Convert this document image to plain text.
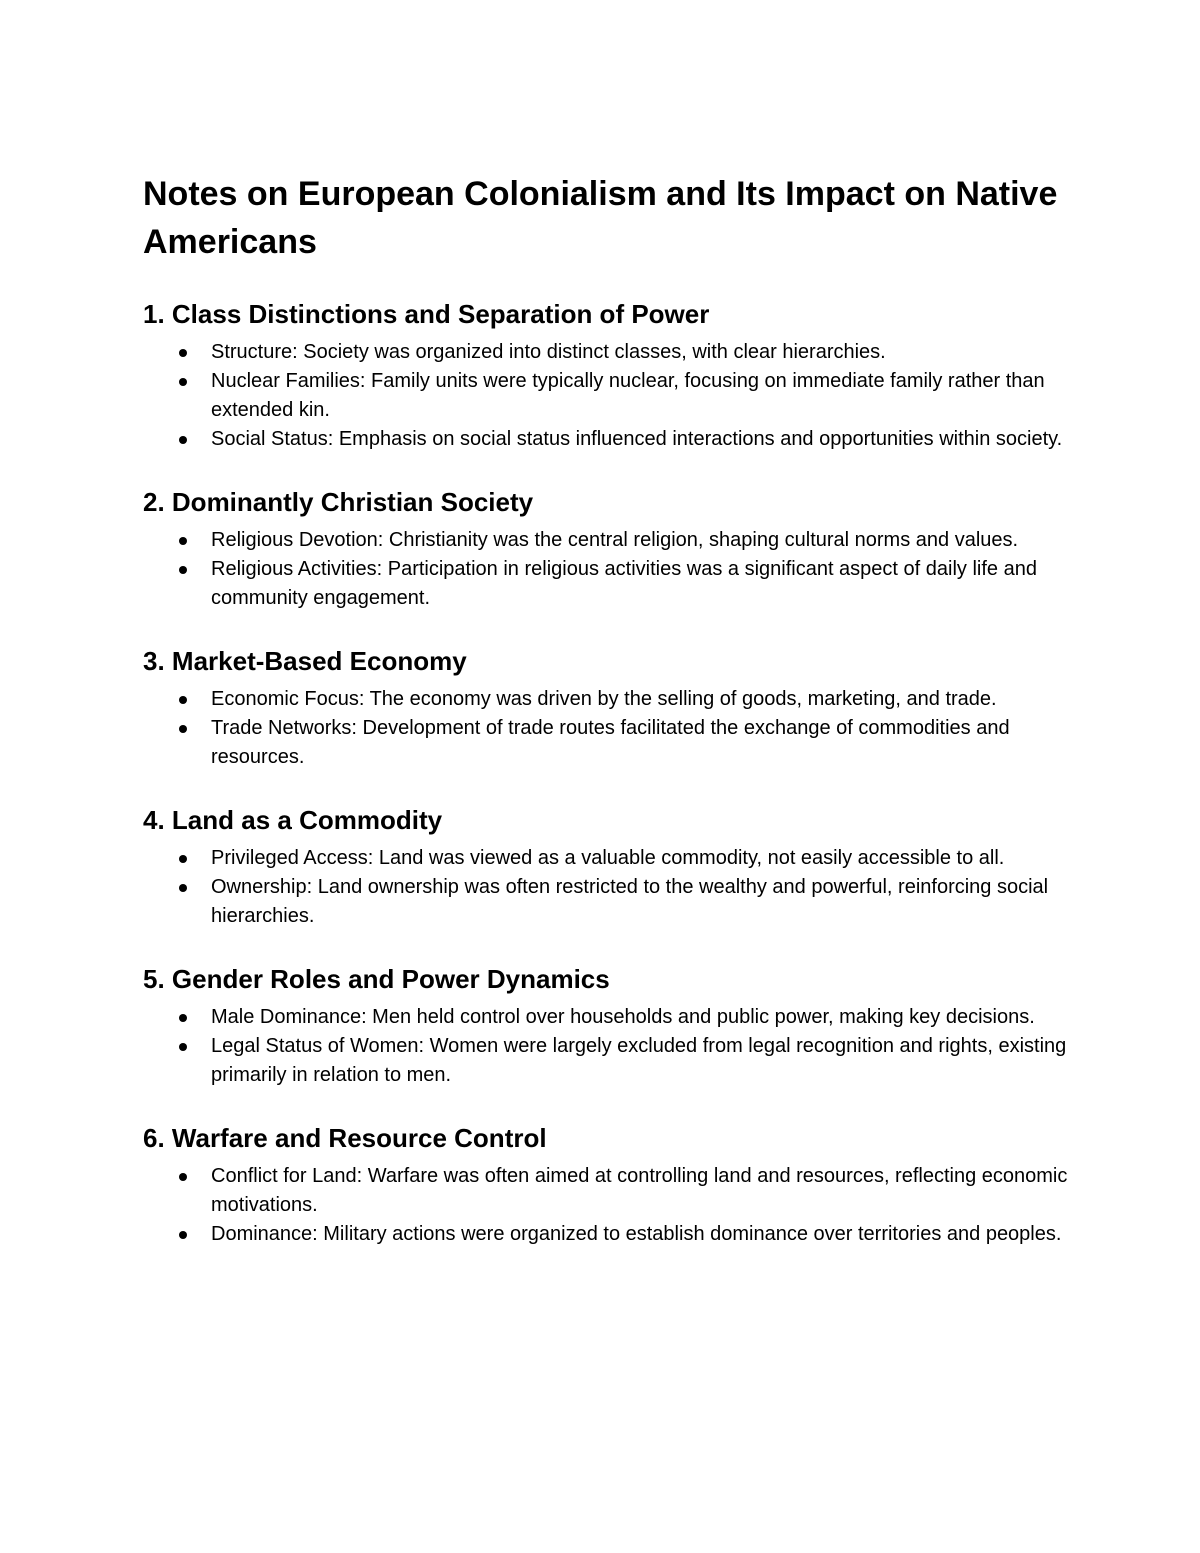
Notes on European Colonialism and Its Impact on Native Americans
1. Class Distinctions and Separation of Power
Structure: Society was organized into distinct classes, with clear hierarchies.
Nuclear Families: Family units were typically nuclear, focusing on immediate family rather than extended kin.
Social Status: Emphasis on social status influenced interactions and opportunities within society.
2. Dominantly Christian Society
Religious Devotion: Christianity was the central religion, shaping cultural norms and values.
Religious Activities: Participation in religious activities was a significant aspect of daily life and community engagement.
3. Market-Based Economy
Economic Focus: The economy was driven by the selling of goods, marketing, and trade.
Trade Networks: Development of trade routes facilitated the exchange of commodities and resources.
4. Land as a Commodity
Privileged Access: Land was viewed as a valuable commodity, not easily accessible to all.
Ownership: Land ownership was often restricted to the wealthy and powerful, reinforcing social hierarchies.
5. Gender Roles and Power Dynamics
Male Dominance: Men held control over households and public power, making key decisions.
Legal Status of Women: Women were largely excluded from legal recognition and rights, existing primarily in relation to men.
6. Warfare and Resource Control
Conflict for Land: Warfare was often aimed at controlling land and resources, reflecting economic motivations.
Dominance: Military actions were organized to establish dominance over territories and peoples.
